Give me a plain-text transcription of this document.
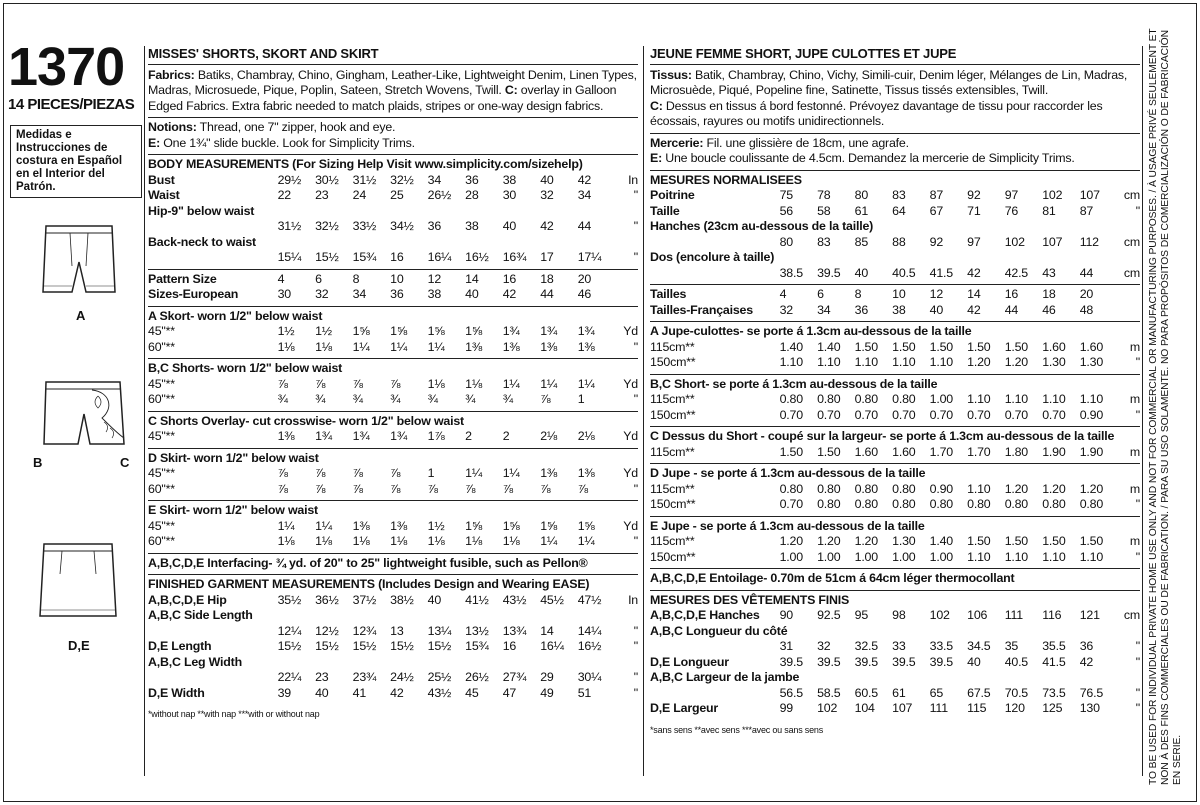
1370
14 PIECES/PIEZAS
Medidas e Instrucciones de costura en Español en el Interior del Patrón.
A
B	C
D,E
MISSES' SHORTS, SKORT AND SKIRT
Fabrics: Batiks, Chambray, Chino, Gingham, Leather-Like, Lightweight Denim, Linen Types, Madras, Microsuede, Pique, Poplin, Sateen, Stretch Wovens, Twill. C: overlay in Galloon Edged Fabrics. Extra fabric needed to match plaids, stripes or one-way design fabrics.
Notions: Thread, one 7" zipper, hook and eye.
E: One 1¾" slide buckle. Look for Simplicity Trims.
BODY MEASUREMENTS (For Sizing Help Visit www.simplicity.com/sizehelp)
Bust	29½	30½	31½	32½	34	36	38	40	42	In
Waist	22	23	24	25	26½	28	30	32	34	"
Hip-9" below waist										
	31½	32½	33½	34½	36	38	40	42	44	"
Back-neck to waist										
	15¼	15½	15¾	16	16¼	16½	16¾	17	17¼	"
Pattern Size	4	6	8	10	12	14	16	18	20	
Sizes-European	30	32	34	36	38	40	42	44	46	
A Skort- worn 1/2" below waist
45"**	1½	1½	1⅝	1⅝	1⅝	1⅝	1¾	1¾	1¾	Yd
60"**	1⅛	1⅛	1¼	1¼	1¼	1⅜	1⅜	1⅜	1⅜	"
B,C Shorts- worn 1/2" below waist
45"**	⅞	⅞	⅞	⅞	1⅛	1⅛	1¼	1¼	1¼	Yd
60"**	¾	¾	¾	¾	¾	¾	¾	⅞	1	"
C Shorts Overlay- cut crosswise- worn 1/2" below waist
45"**	1⅜	1¾	1¾	1¾	1⅞	2	2	2⅛	2⅛	Yd
D Skirt- worn 1/2" below waist
45"**	⅞	⅞	⅞	⅞	1	1¼	1¼	1⅜	1⅜	Yd
60"**	⅞	⅞	⅞	⅞	⅞	⅞	⅞	⅞	⅞	"
E Skirt- worn 1/2" below waist
45"**	1¼	1¼	1⅜	1⅜	1½	1⅝	1⅝	1⅝	1⅝	Yd
60"**	1⅛	1⅛	1⅛	1⅛	1⅛	1⅛	1⅛	1¼	1¼	"
A,B,C,D,E Interfacing- ¾ yd. of 20" to 25" lightweight fusible, such as Pellon®
FINISHED GARMENT MEASUREMENTS (Includes Design and Wearing EASE)
A,B,C,D,E Hip	35½	36½	37½	38½	40	41½	43½	45½	47½	In
A,B,C Side Length										
	12¼	12½	12¾	13	13¼	13½	13¾	14	14¼	"
D,E Length	15½	15½	15½	15½	15½	15¾	16	16¼	16½	"
A,B,C Leg Width										
	22¼	23	23¾	24½	25½	26½	27¾	29	30¼	"
D,E Width	39	40	41	42	43½	45	47	49	51	"
*without nap **with nap ***with or without nap
JEUNE FEMME SHORT, JUPE CULOTTES ET JUPE
Tissus: Batik, Chambray, Chino, Vichy, Simili-cuir, Denim léger, Mélanges de Lin, Madras, Microsuède, Piqué, Popeline fine, Satinette, Tissus tissés extensibles, Twill.
C: Dessus en tissus á bord festonné. Prévoyez davantage de tissu pour raccorder les écossais, rayures ou motifs unidirectionnels.
Mercerie: Fil. une glissière de 18cm, une agrafe.
E: Une boucle coulissante de 4.5cm. Demandez la mercerie de Simplicity Trims.
MESURES NORMALISEES
Poitrine	75	78	80	83	87	92	97	102	107	cm
Taille	56	58	61	64	67	71	76	81	87	"
Hanches (23cm au-dessous de la taille)										
	80	83	85	88	92	97	102	107	112	cm
Dos (encolure à taille)										
	38.5	39.5	40	40.5	41.5	42	42.5	43	44	cm
Tailles	4	6	8	10	12	14	16	18	20	
Tailles-Françaises	32	34	36	38	40	42	44	46	48	
A Jupe-culottes- se porte á 1.3cm au-dessous de la taille
115cm**	1.40	1.40	1.50	1.50	1.50	1.50	1.50	1.60	1.60	m
150cm**	1.10	1.10	1.10	1.10	1.10	1.20	1.20	1.30	1.30	"
B,C Short- se porte á 1.3cm au-dessous de la taille
115cm**	0.80	0.80	0.80	0.80	1.00	1.10	1.10	1.10	1.10	m
150cm**	0.70	0.70	0.70	0.70	0.70	0.70	0.70	0.70	0.90	"
C Dessus du Short - coupé sur la largeur- se porte á 1.3cm au-dessous de la taille
115cm**	1.50	1.50	1.60	1.60	1.70	1.70	1.80	1.90	1.90	m
D Jupe - se porte á 1.3cm au-dessous de la taille
115cm**	0.80	0.80	0.80	0.80	0.90	1.10	1.20	1.20	1.20	m
150cm**	0.70	0.80	0.80	0.80	0.80	0.80	0.80	0.80	0.80	"
E Jupe - se porte á 1.3cm au-dessous de la taille
115cm**	1.20	1.20	1.20	1.30	1.40	1.50	1.50	1.50	1.50	m
150cm**	1.00	1.00	1.00	1.00	1.00	1.10	1.10	1.10	1.10	"
A,B,C,D,E Entoilage- 0.70m de 51cm á 64cm léger thermocollant
MESURES DES VÊTEMENTS FINIS
A,B,C,D,E Hanches	90	92.5	95	98	102	106	111	116	121	cm
A,B,C Longueur du côté										
	31	32	32.5	33	33.5	34.5	35	35.5	36	"
D,E Longueur	39.5	39.5	39.5	39.5	39.5	40	40.5	41.5	42	"
A,B,C Largeur de la jambe										
	56.5	58.5	60.5	61	65	67.5	70.5	73.5	76.5	"
D,E Largeur	99	102	104	107	111	115	120	125	130	"
*sans sens **avec sens ***avec ou sans sens	TO BE USED FOR INDIVIDUAL PRIVATE HOME USE ONLY AND NOT FOR COMMERCIAL OR MANUFACTURING PURPOSES. / À USAGE PRIVÉ SEULEMENT ET NON À DES FINS COMMERCIALES OU DE FABRICATION. / PARA SU USO SOLAMENTE. NO PARA PROPÓSITOS DE COMERCIALIZACIÓN O DE FABRICACIÓN EN SERIE.
